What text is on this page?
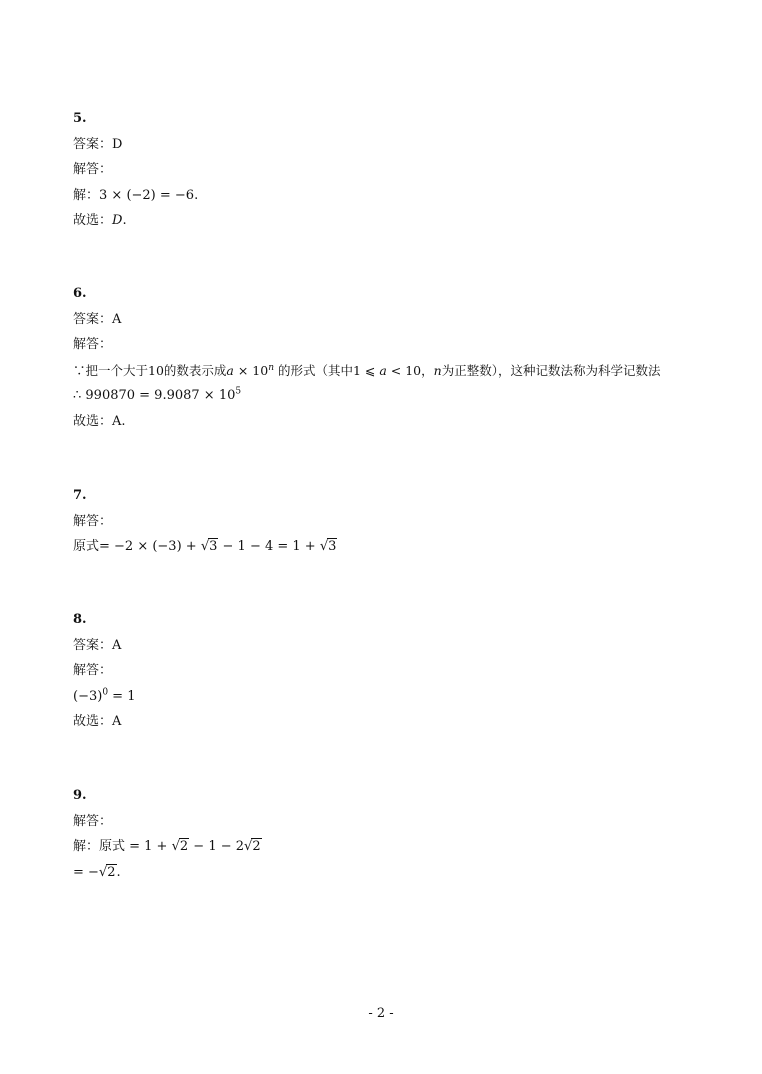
5.
答案：D
解答：
解：3 × (−2) = −6.
故选：D.
6.
答案：A
解答：
∵把一个大于10的数表示成$a \times 10^n$ 的形式（其中1 ⩽ a < 10，n为正整数），这种记数法称为科学记数法
∴ $990870 = 9.9087 \times 10^5$
故选：A.
7.
解答：
原式= −2 × (−3) + √3 − 1 − 4 = 1 + √3
8.
答案：A
解答：
$(-3)^0 = 1$
故选：A
9.
解答：
解：原式 = 1 + √2 − 1 − 2√2
= −√2.
- 2 -
